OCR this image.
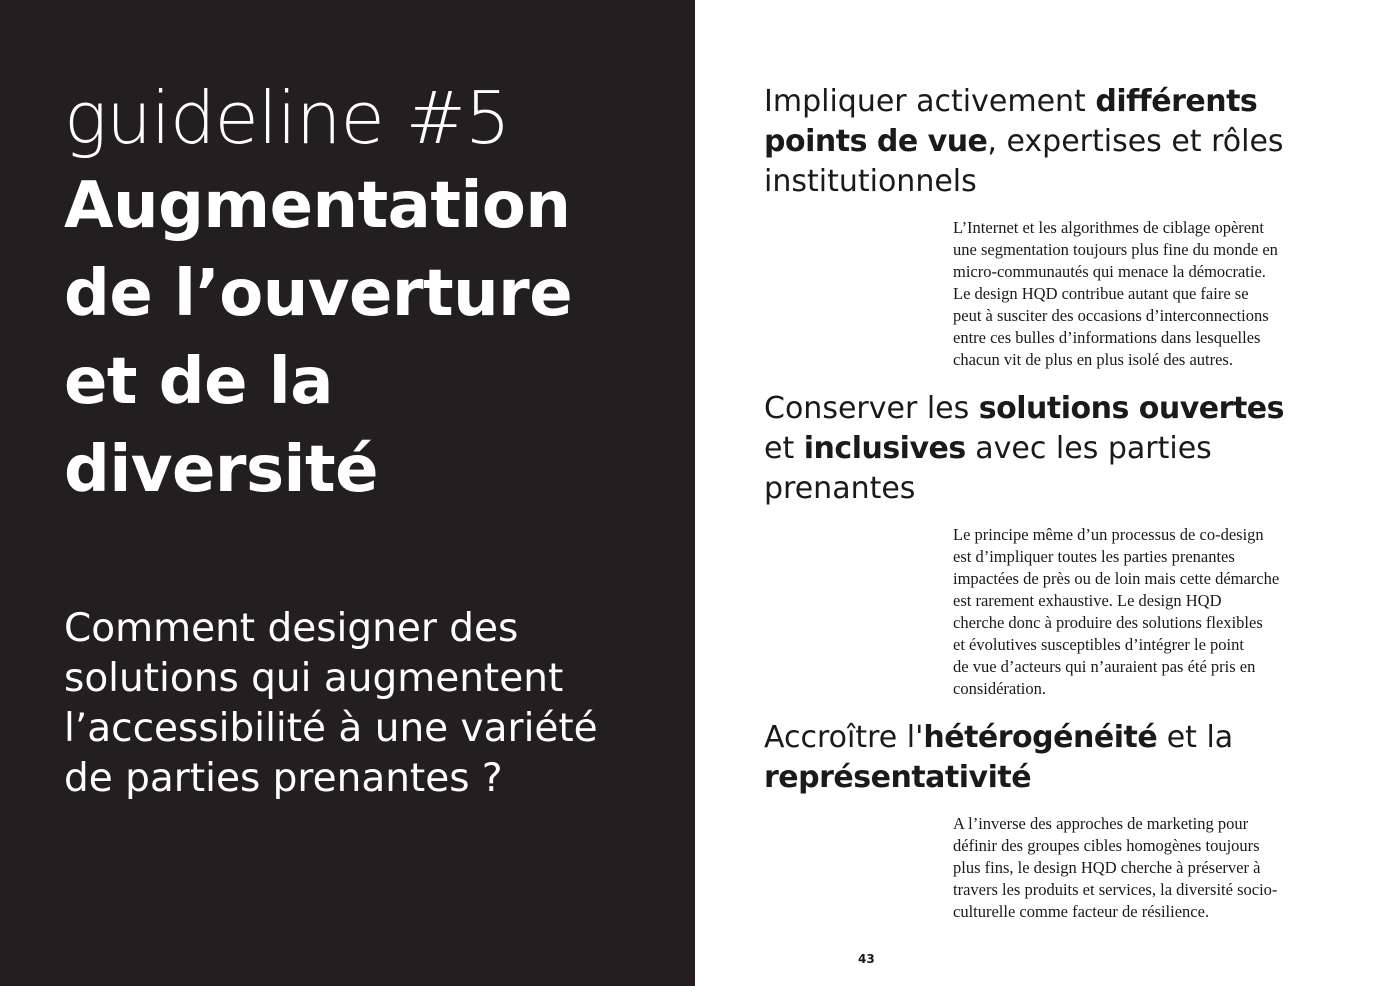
guideline #5
Augmentation
de l’ouverture
et de la
diversité

Comment designer des
solutions qui augmentent
l’accessibilité à une variété
de parties prenantes ?

Impliquer activement différents
points de vue, expertises et rôles
institutionnels

L’Internet et les algorithmes de ciblage opèrent
une segmentation toujours plus fine du monde en
micro-communautés qui menace la démocratie.
Le design HQD contribue autant que faire se
peut à susciter des occasions d’interconnections
entre ces bulles d’informations dans lesquelles
chacun vit de plus en plus isolé des autres.

Conserver les solutions ouvertes
et inclusives avec les parties
prenantes

Le principe même d’un processus de co-design
est d’impliquer toutes les parties prenantes
impactées de près ou de loin mais cette démarche
est rarement exhaustive. Le design HQD
cherche donc à produire des solutions flexibles
et évolutives susceptibles d’intégrer le point
de vue d’acteurs qui n’auraient pas été pris en
considération.

Accroître l'hétérogénéité et la
représentativité

A l’inverse des approches de marketing pour
définir des groupes cibles homogènes toujours
plus fins, le design HQD cherche à préserver à
travers les produits et services, la diversité socio-
culturelle comme facteur de résilience.

43
